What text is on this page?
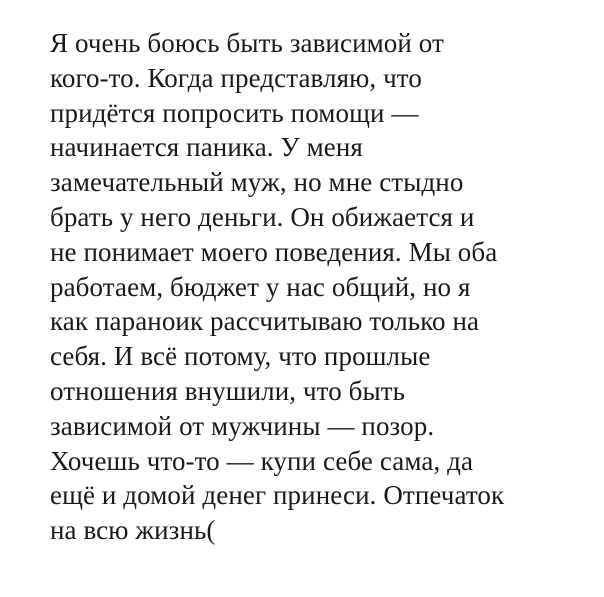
Я очень боюсь быть зависимой от
кого-то. Когда представляю, что
придётся попросить помощи —
начинается паника. У меня
замечательный муж, но мне стыдно
брать у него деньги. Он обижается и
не понимает моего поведения. Мы оба
работаем, бюджет у нас общий, но я
как параноик рассчитываю только на
себя. И всё потому, что прошлые
отношения внушили, что быть
зависимой от мужчины — позор.
Хочешь что-то — купи себе сама, да
ещё и домой денег принеси. Отпечаток
на всю жизнь(
